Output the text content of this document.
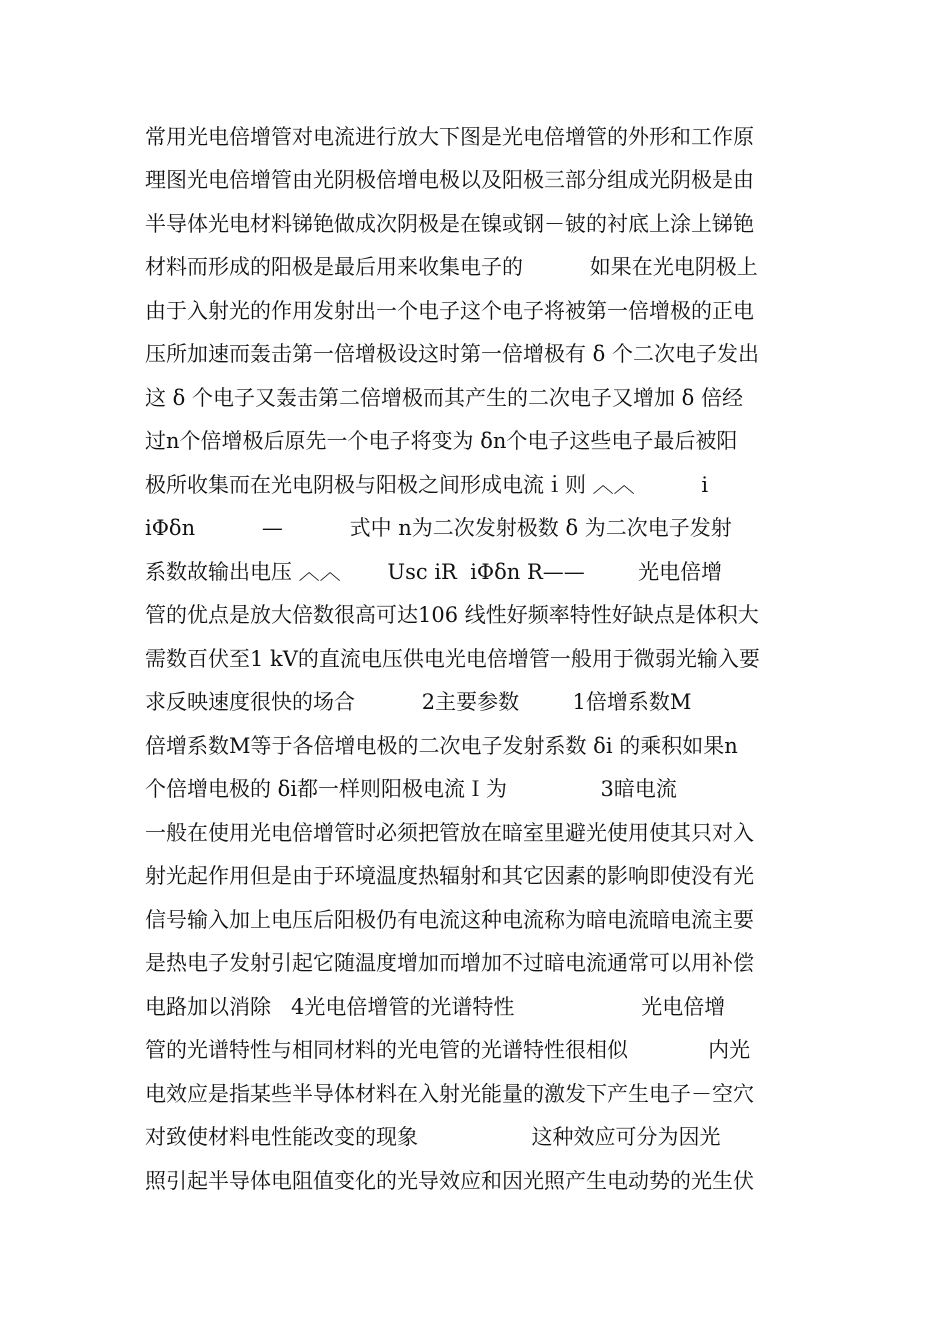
常用光电倍增管对电流进行放大下图是光电倍增管的外形和工作原
理图光电倍增管由光阴极倍增电极以及阳极三部分组成光阴极是由
半导体光电材料锑铯做成次阴极是在镍或钢－铍的衬底上涂上锑铯
材料而形成的阳极是最后用来收集电子的          如果在光电阴极上
由于入射光的作用发射出一个电子这个电子将被第一倍增极的正电
压所加速而轰击第一倍增极设这时第一倍增极有 δ 个二次电子发出
这 δ 个电子又轰击第二倍增极而其产生的二次电子又增加 δ 倍经
过n个倍增极后原先一个电子将变为 δn个电子这些电子最后被阳
极所收集而在光电阴极与阳极之间形成电流ｉ则 ︿︿          i
iΦδn          —          式中 n为二次发射极数 δ 为二次电子发射
系数故输出电压 ︿︿       Usc iR  iΦδn R——        光电倍增
管的优点是放大倍数很高可达106 线性好频率特性好缺点是体积大
需数百伏至1 kV的直流电压供电光电倍增管一般用于微弱光输入要
求反映速度很快的场合          2主要参数        1倍增系数M
倍增系数M等于各倍增电极的二次电子发射系数 δi 的乘积如果n
个倍增电极的 δi都一样则阳极电流Ｉ为              3暗电流
一般在使用光电倍增管时必须把管放在暗室里避光使用使其只对入
射光起作用但是由于环境温度热辐射和其它因素的影响即使没有光
信号输入加上电压后阳极仍有电流这种电流称为暗电流暗电流主要
是热电子发射引起它随温度增加而增加不过暗电流通常可以用补偿
电路加以消除   4光电倍增管的光谱特性                   光电倍增
管的光谱特性与相同材料的光电管的光谱特性很相似            内光
电效应是指某些半导体材料在入射光能量的激发下产生电子－空穴
对致使材料电性能改变的现象                 这种效应可分为因光
照引起半导体电阻值变化的光导效应和因光照产生电动势的光生伏
